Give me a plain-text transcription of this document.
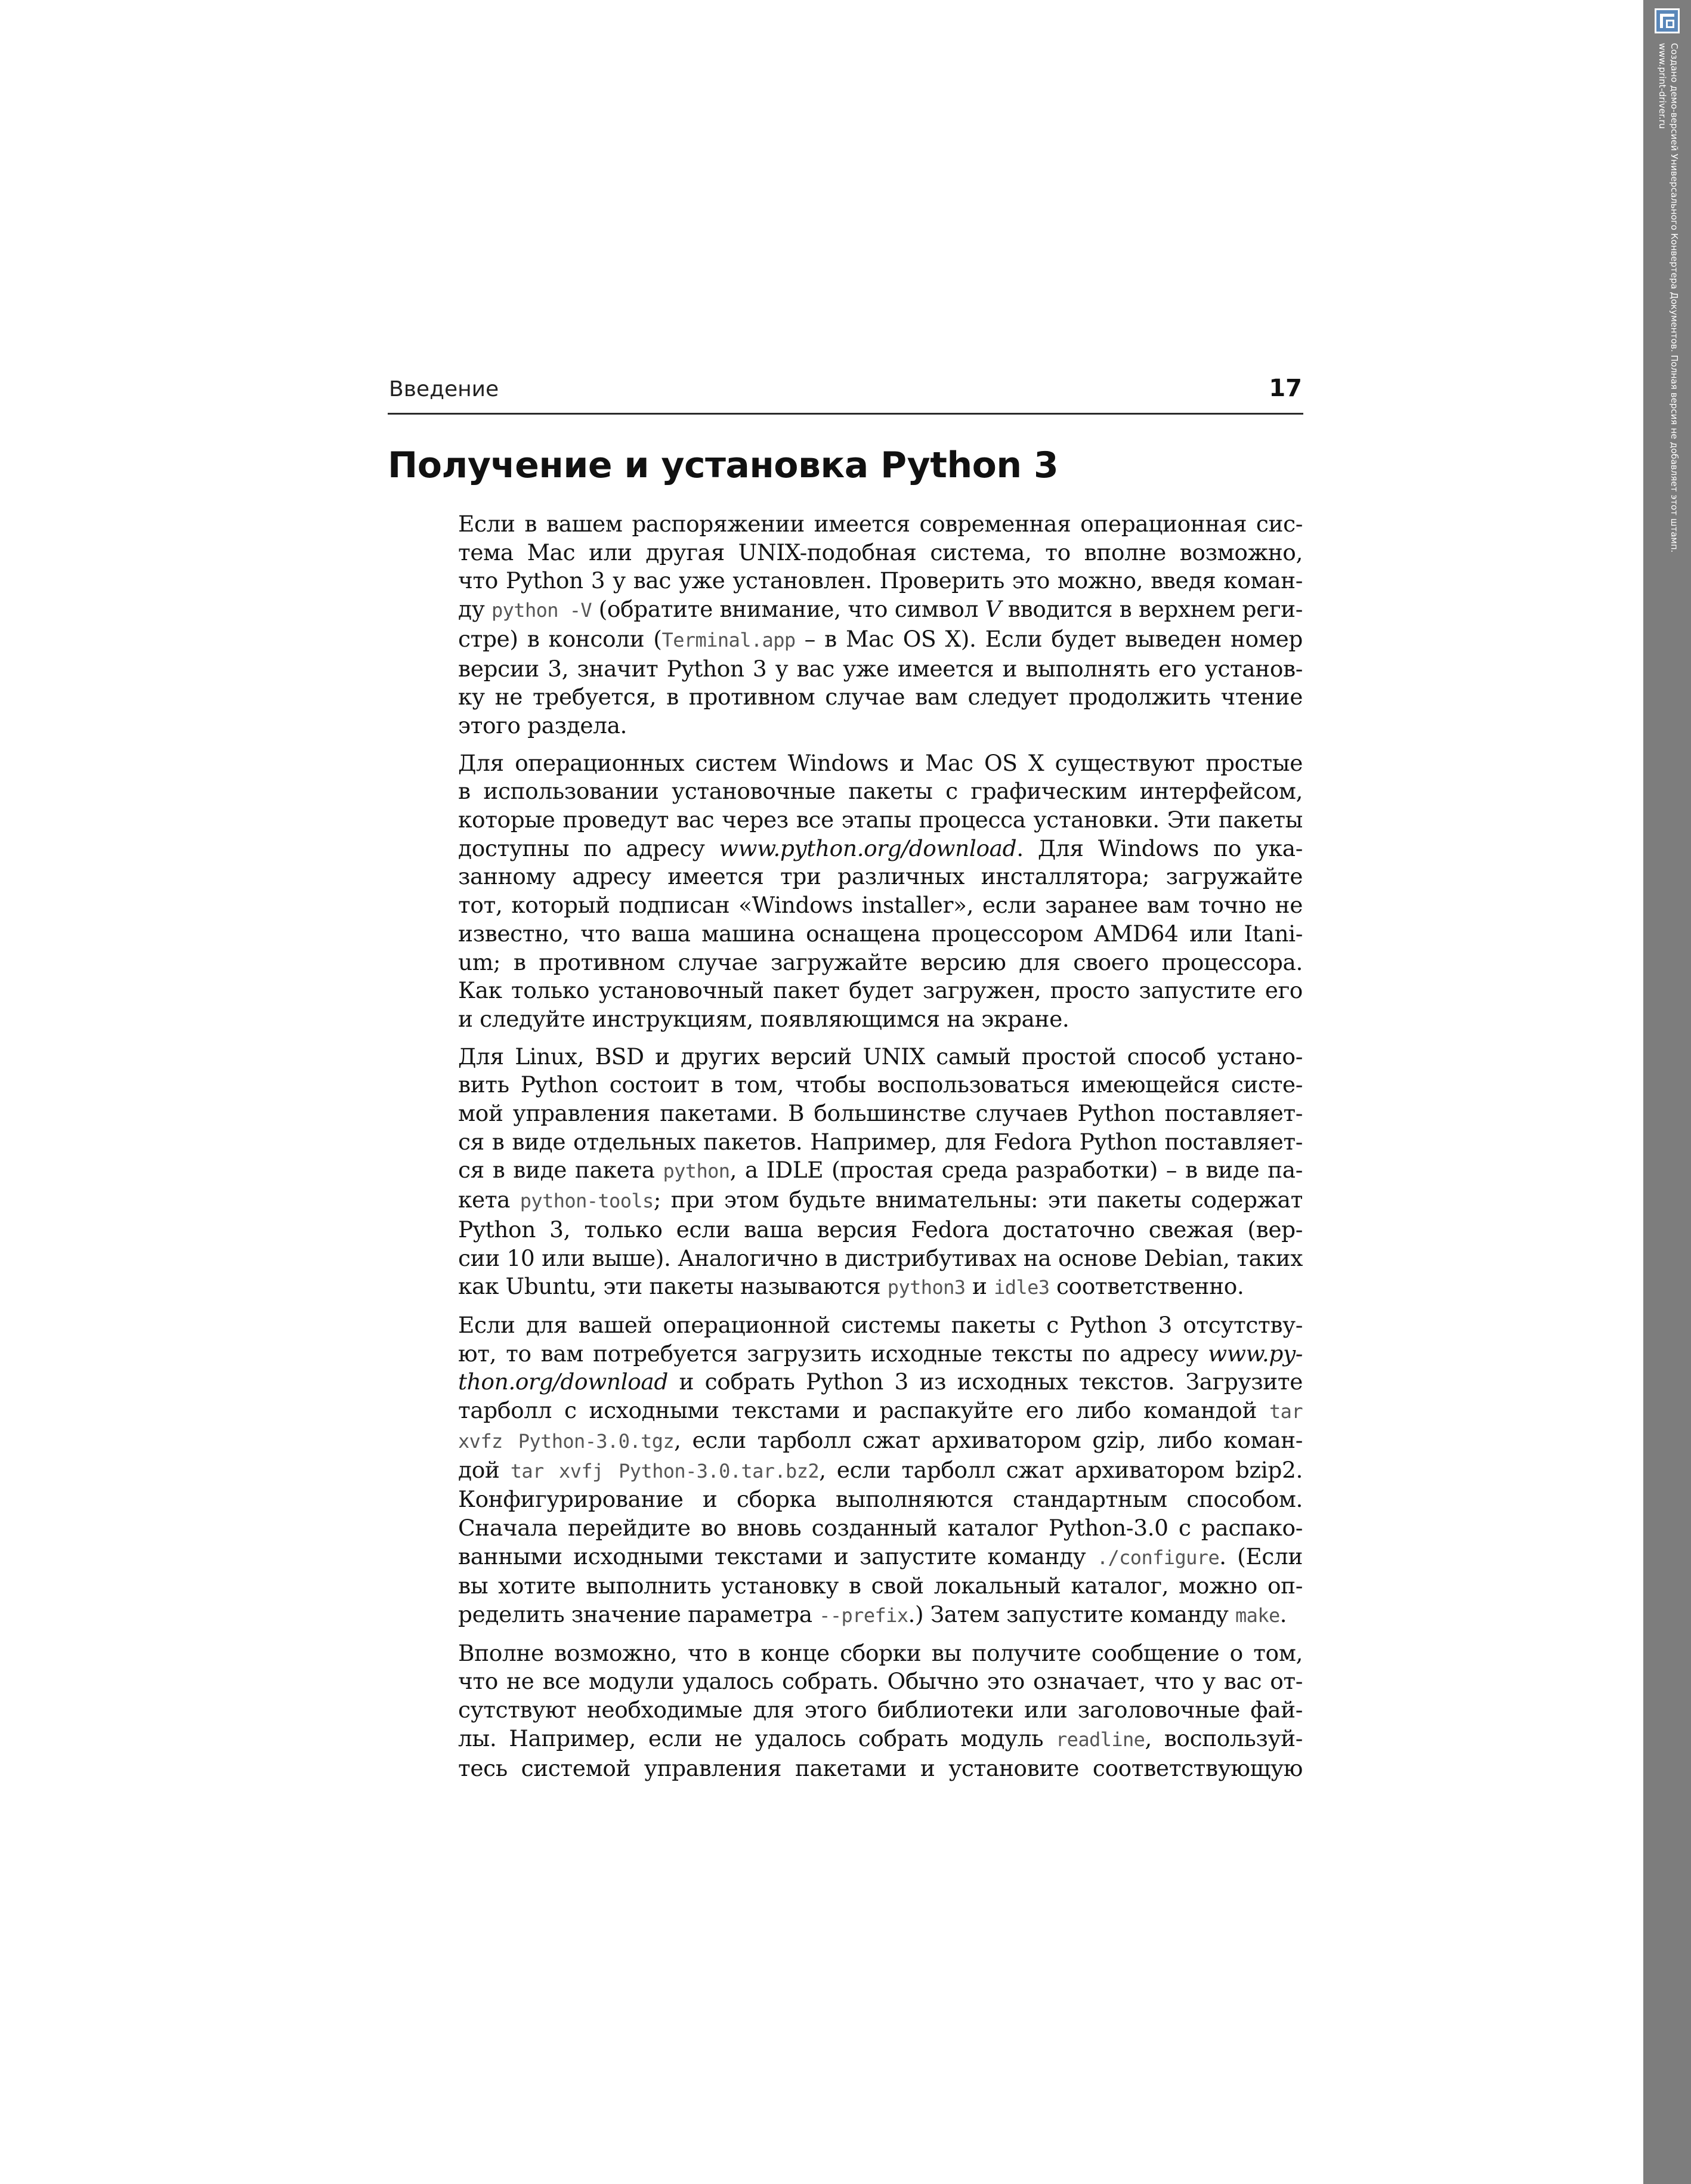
Введение	17
Получение и установка Python 3
Если в вашем распоряжении имеется современная операционная сис-
тема Mac или другая UNIX-подобная система, то вполне возможно,
что Python 3 у вас уже установлен. Проверить это можно, введя коман-
ду python -V (обратите внимание, что символ V вводится в верхнем реги-
стре) в консоли (Terminal.app – в Mac OS X). Если будет выведен номер
версии 3, значит Python 3 у вас уже имеется и выполнять его установ-
ку не требуется, в противном случае вам следует продолжить чтение
этого раздела.
Для операционных систем Windows и Mac OS X существуют простые
в использовании установочные пакеты с графическим интерфейсом,
которые проведут вас через все этапы процесса установки. Эти пакеты
доступны по адресу www.python.org/download. Для Windows по ука-
занному адресу имеется три различных инсталлятора; загружайте
тот, который подписан «Windows installer», если заранее вам точно не
известно, что ваша машина оснащена процессором AMD64 или Itani-
um; в противном случае загружайте версию для своего процессора.
Как только установочный пакет будет загружен, просто запустите его
и следуйте инструкциям, появляющимся на экране.
Для Linux, BSD и других версий UNIX самый простой способ устано-
вить Python состоит в том, чтобы воспользоваться имеющейся систе-
мой управления пакетами. В большинстве случаев Python поставляет-
ся в виде отдельных пакетов. Например, для Fedora Python поставляет-
ся в виде пакета python, а IDLE (простая среда разработки) – в виде па-
кета python-tools; при этом будьте внимательны: эти пакеты содержат
Python 3, только если ваша версия Fedora достаточно свежая (вер-
сии 10 или выше). Аналогично в дистрибутивах на основе Debian, таких
как Ubuntu, эти пакеты называются python3 и idle3 соответственно.
Если для вашей операционной системы пакеты с Python 3 отсутству-
ют, то вам потребуется загрузить исходные тексты по адресу www.py-
thon.org/download и собрать Python 3 из исходных текстов. Загрузите
тарболл с исходными текстами и распакуйте его либо командой tar
xvfz Python-3.0.tgz, если тарболл сжат архиватором gzip, либо коман-
дой tar xvfj Python-3.0.tar.bz2, если тарболл сжат архиватором bzip2.
Конфигурирование и сборка выполняются стандартным способом.
Сначала перейдите во вновь созданный каталог Python-3.0 с распако-
ванными исходными текстами и запустите команду ./configure. (Если
вы хотите выполнить установку в свой локальный каталог, можно оп-
ределить значение параметра --prefix.) Затем запустите команду make.
Вполне возможно, что в конце сборки вы получите сообщение о том,
что не все модули удалось собрать. Обычно это означает, что у вас от-
сутствуют необходимые для этого библиотеки или заголовочные фай-
лы. Например, если не удалось собрать модуль readline, воспользуй-
тесь системой управления пакетами и установите соответствующую
Создано демо-версией Универсального Конвертера Документов. Полная версия не добавляет этот штамп.
www.print-driver.ru
